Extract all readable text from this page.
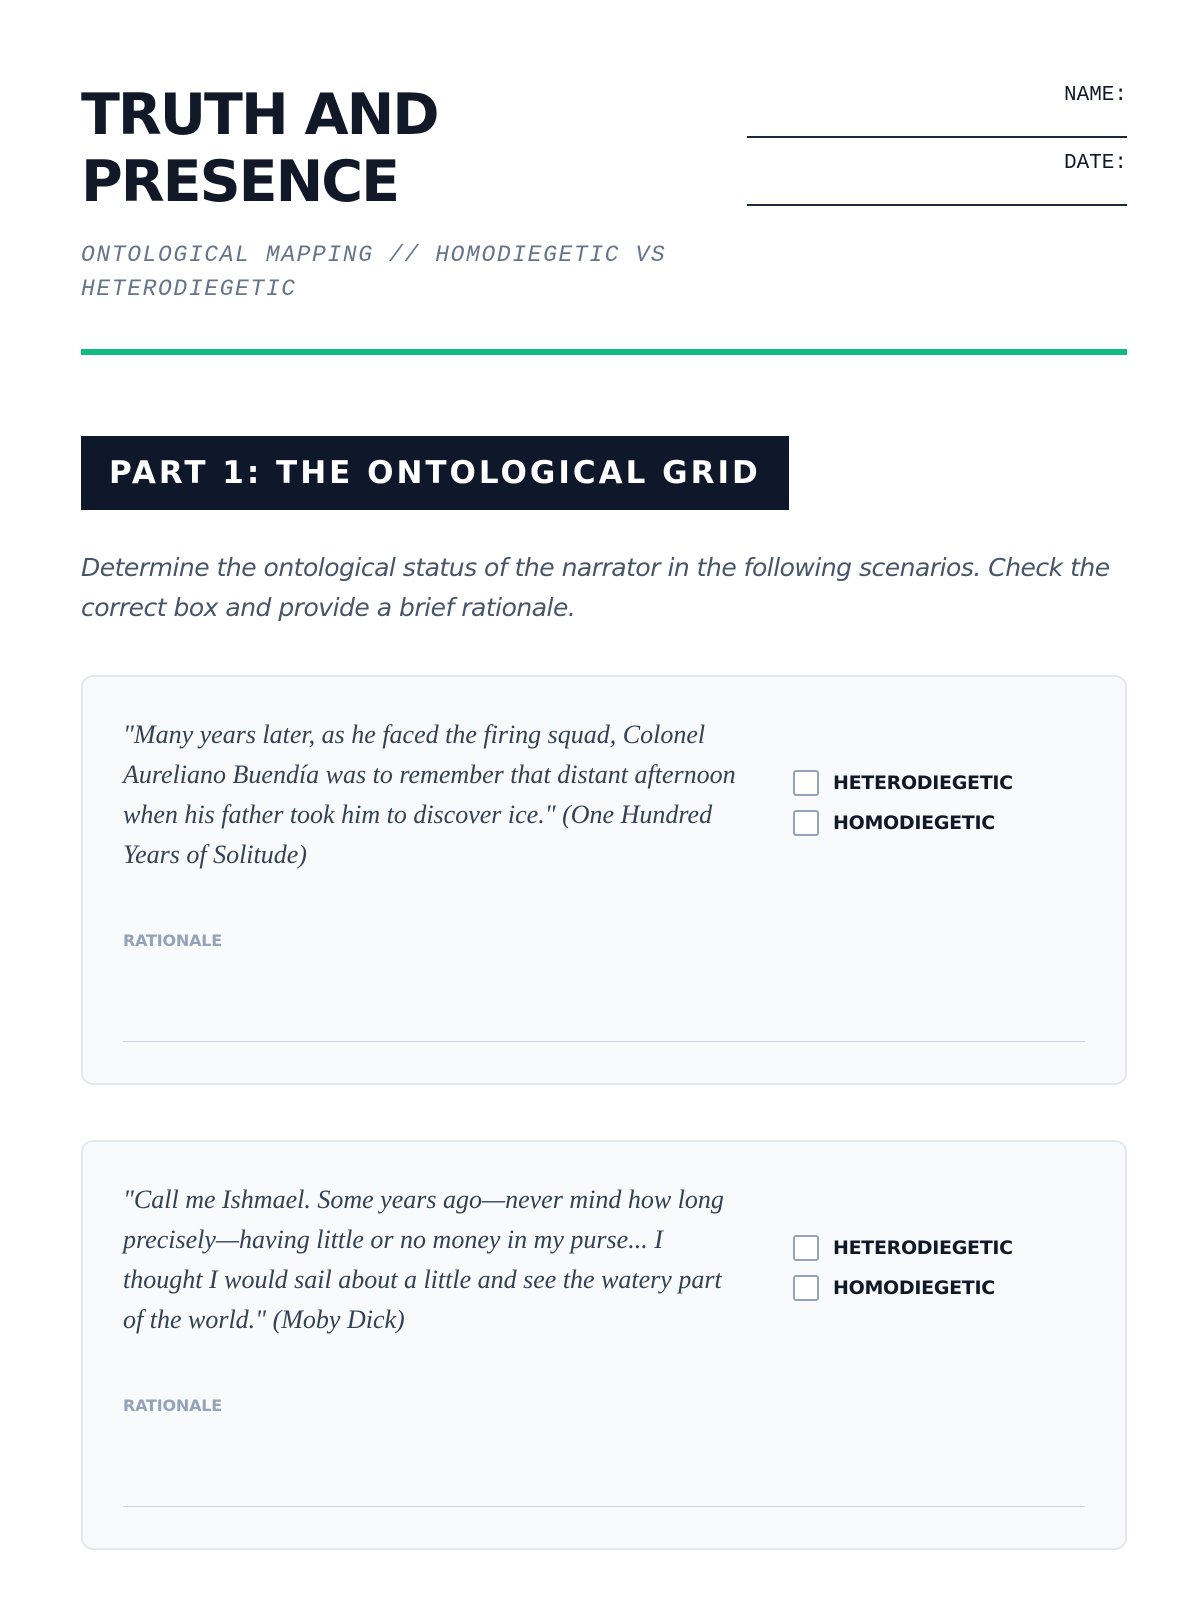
TRUTH AND
PRESENCE
ONTOLOGICAL MAPPING // HOMODIEGETIC VS HETERODIEGETIC
NAME:
DATE:
PART 1: THE ONTOLOGICAL GRID

Determine the ontological status of the narrator in the following scenarios. Check the correct box and provide a brief rationale.

"Many years later, as he faced the firing squad, Colonel Aureliano Buendía was to remember that distant afternoon when his father took him to discover ice." (One Hundred Years of Solitude)
HETERODIEGETIC
HOMODIEGETIC
RATIONALE
"Call me Ishmael. Some years ago—never mind how long precisely—having little or no money in my purse... I thought I would sail about a little and see the watery part of the world." (Moby Dick)
HETERODIEGETIC
HOMODIEGETIC
RATIONALE
